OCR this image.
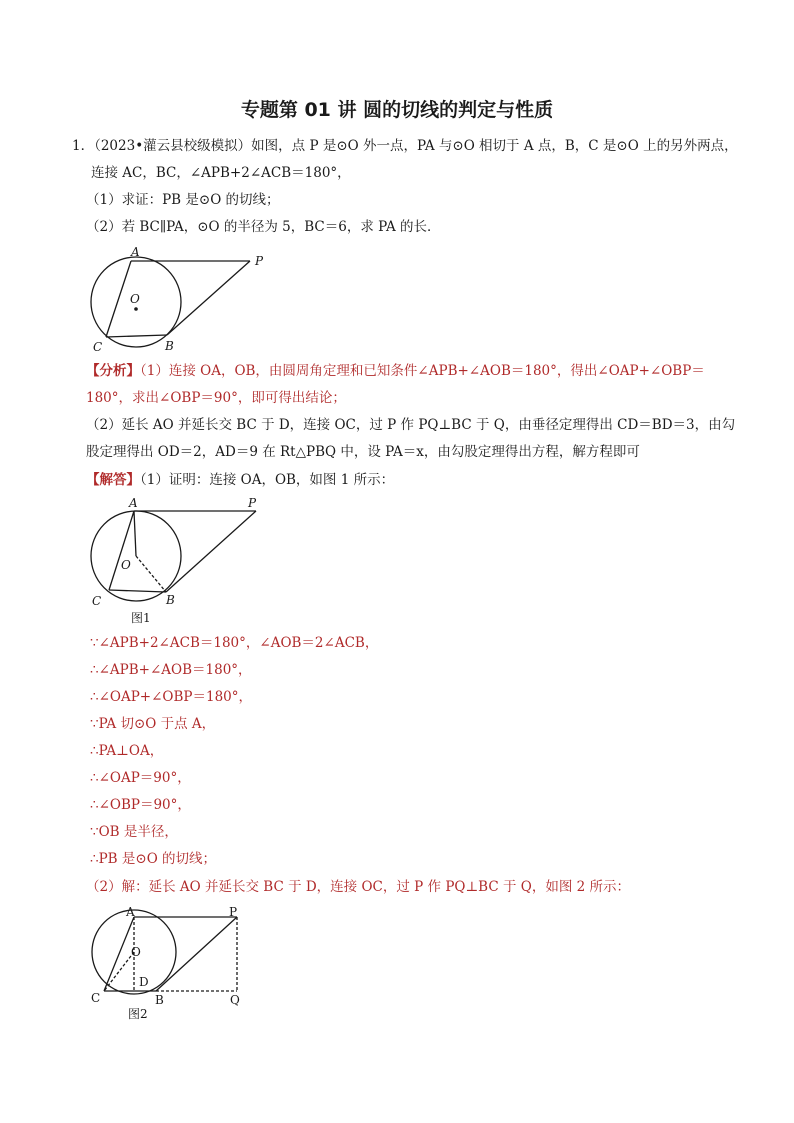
专题第 01 讲 圆的切线的判定与性质
1．（2023•灌云县校级模拟）如图，点 P 是⊙O 外一点，PA 与⊙O 相切于 A 点，B，C 是⊙O 上的另外两点，
连接 AC，BC，∠APB+2∠ACB＝180°，
（1）求证：PB 是⊙O 的切线；
（2）若 BC∥PA，⊙O 的半径为 5，BC＝6，求 PA 的长．
A
P
O
B
C
【分析】（1）连接 OA，OB，由圆周角定理和已知条件∠APB+∠AOB＝180°，得出∠OAP+∠OBP＝
180°，求出∠OBP＝90°，即可得出结论；
（2）延长 AO 并延长交 BC 于 D，连接 OC，过 P 作 PQ⊥BC 于 Q，由垂径定理得出 CD＝BD＝3，由勾
股定理得出 OD＝2，AD＝9 在 Rt△PBQ 中，设 PA＝x，由勾股定理得出方程，解方程即可
【解答】（1）证明：连接 OA，OB，如图 1 所示：
A	P
O
B
C
图1
∵∠APB+2∠ACB＝180°，∠AOB＝2∠ACB，
∴∠APB+∠AOB＝180°，
∴∠OAP+∠OBP＝180°，
∵PA 切⊙O 于点 A，
∴PA⊥OA，
∴∠OAP＝90°，
∴∠OBP＝90°，
∵OB 是半径，
∴PB 是⊙O 的切线；
（2）解：延长 AO 并延长交 BC 于 D，连接 OC，过 P 作 PQ⊥BC 于 Q，如图 2 所示：
A	P
O
D
B
C	Q
图2
